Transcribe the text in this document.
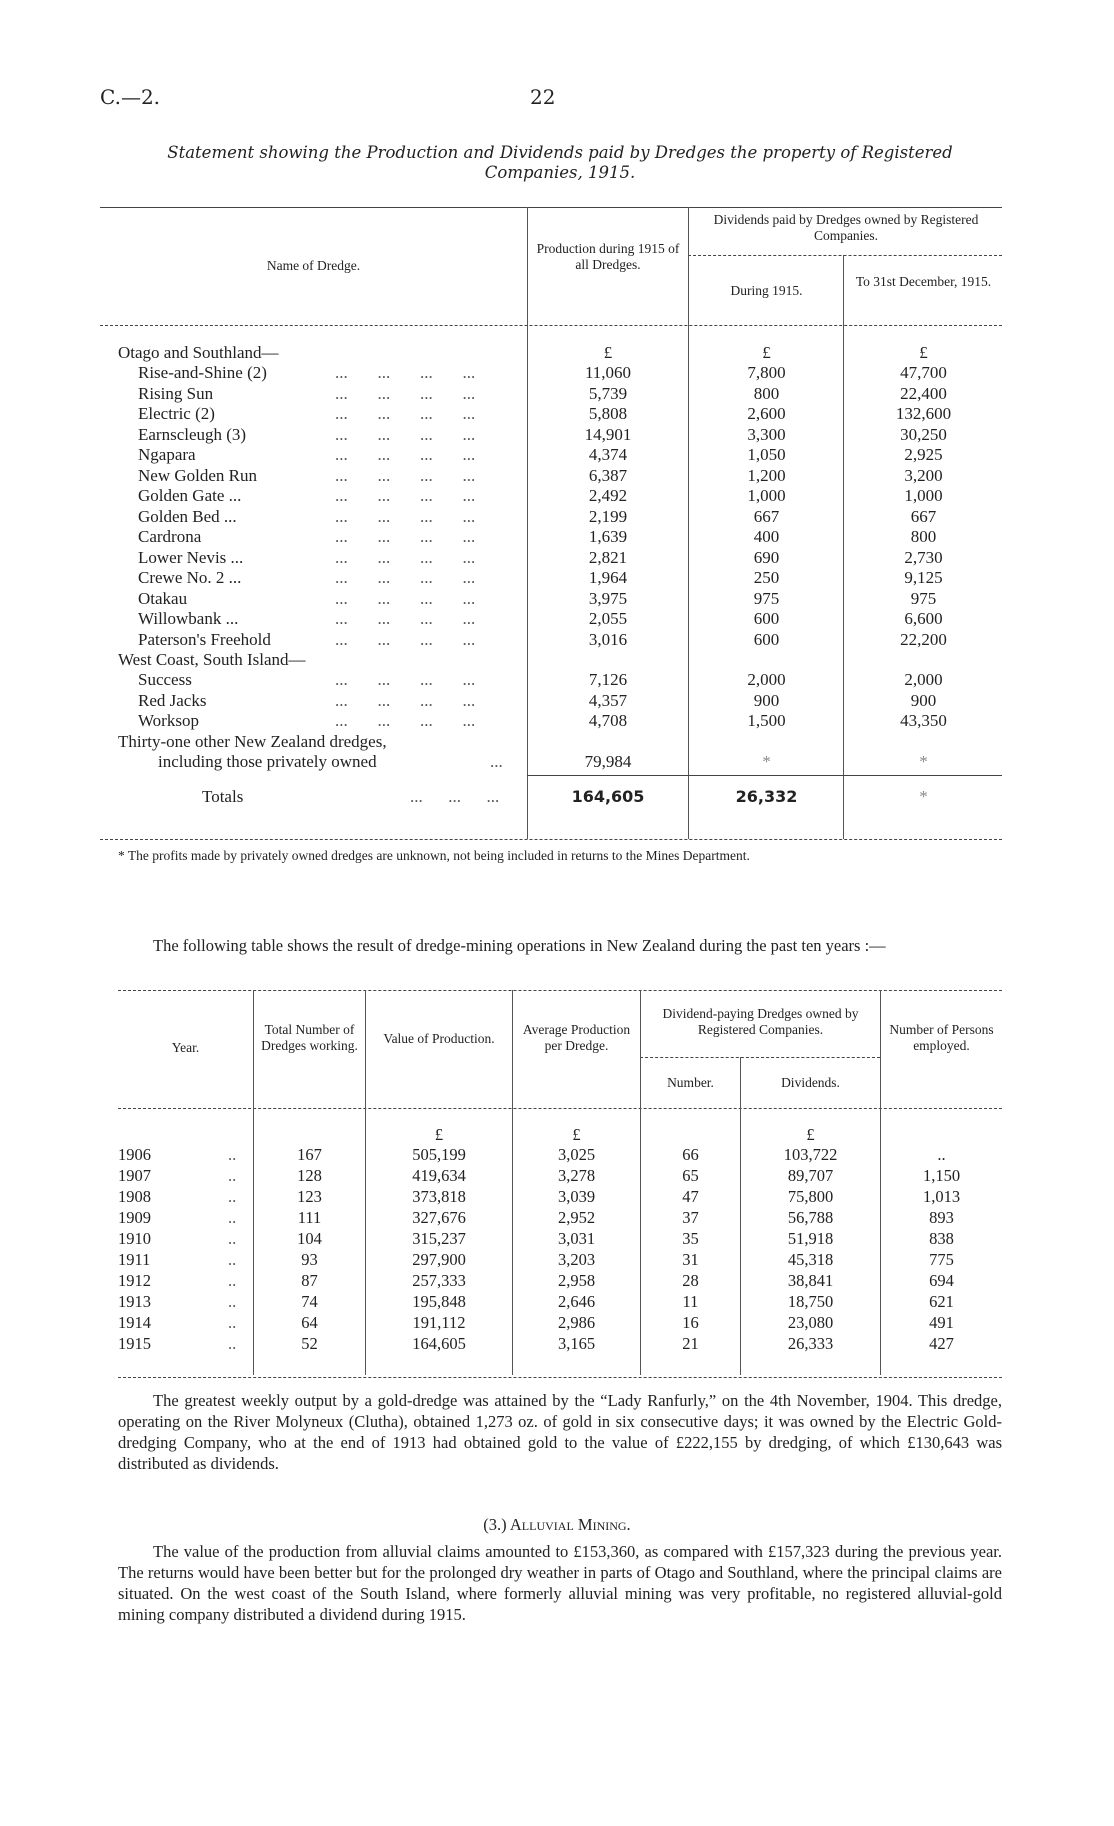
C.—2.	22
Statement showing the Production and Dividends paid by Dredges the property of Registered
Companies, 1915.
Name of Dredge.
Production during 1915 of all Dredges.
Dividends paid by Dredges owned by Registered Companies.
During 1915.
To 31st December, 1915.
Otago and Southland—	£	£	£
Rise-and-Shine (2)	...       ...       ...       ...	11,060	7,800	47,700
Rising Sun	...       ...       ...       ...	5,739	800	22,400
Electric (2)	...       ...       ...       ...	5,808	2,600	132,600
Earnscleugh (3)	...       ...       ...       ...	14,901	3,300	30,250
Ngapara	...       ...       ...       ...	4,374	1,050	2,925
New Golden Run	...       ...       ...       ...	6,387	1,200	3,200
Golden Gate ...	...       ...       ...       ...	2,492	1,000	1,000
Golden Bed ...	...       ...       ...       ...	2,199	667	667
Cardrona	...       ...       ...       ...	1,639	400	800
Lower Nevis ...	...       ...       ...       ...	2,821	690	2,730
Crewe No. 2 ...	...       ...       ...       ...	1,964	250	9,125
Otakau	...       ...       ...       ...	3,975	975	975
Willowbank ...	...       ...       ...       ...	2,055	600	6,600
Paterson's Freehold	...       ...       ...       ...	3,016	600	22,200
West Coast, South Island—
Success	...       ...       ...       ...	7,126	2,000	2,000
Red Jacks	...       ...       ...       ...	4,357	900	900
Worksop	...       ...       ...       ...	4,708	1,500	43,350
Thirty-one other New Zealand dredges,
including those privately owned	...	79,984	*	*
Totals	...      ...      ...	164,605	26,332	*
* The profits made by privately owned dredges are unknown, not being included in returns to the Mines Department.
The following table shows the result of dredge-mining operations in New Zealand during the past ten years :—
Year.
Total Number of Dredges working.	Value of Production.
Average Production per Dredge.
Dividend-paying Dredges owned by Registered Companies.
Number.	Dividends.
Number of Persons employed.
£	£	£
1906	..	167	505,199	3,025	66	103,722	..
1907	..	128	419,634	3,278	65	89,707	1,150
1908	..	123	373,818	3,039	47	75,800	1,013
1909	..	111	327,676	2,952	37	56,788	893
1910	..	104	315,237	3,031	35	51,918	838
1911	..	93	297,900	3,203	31	45,318	775
1912	..	87	257,333	2,958	28	38,841	694
1913	..	74	195,848	2,646	11	18,750	621
1914	..	64	191,112	2,986	16	23,080	491
1915	..	52	164,605	3,165	21	26,333	427
The greatest weekly output by a gold-dredge was attained by the “Lady Ranfurly,” on the 4th November, 1904. This dredge, operating on the River Molyneux (Clutha), obtained 1,273 oz. of gold in six consecutive days; it was owned by the Electric Gold-dredging Company, who at the end of 1913 had obtained gold to the value of £222,155 by dredging, of which £130,643 was distributed as dividends.
(3.) Alluvial Mining.
The value of the production from alluvial claims amounted to £153,360, as compared with £157,323 during the previous year. The returns would have been better but for the prolonged dry weather in parts of Otago and Southland, where the principal claims are situated. On the west coast of the South Island, where formerly alluvial mining was very profitable, no registered alluvial-gold mining company distributed a dividend during 1915.
